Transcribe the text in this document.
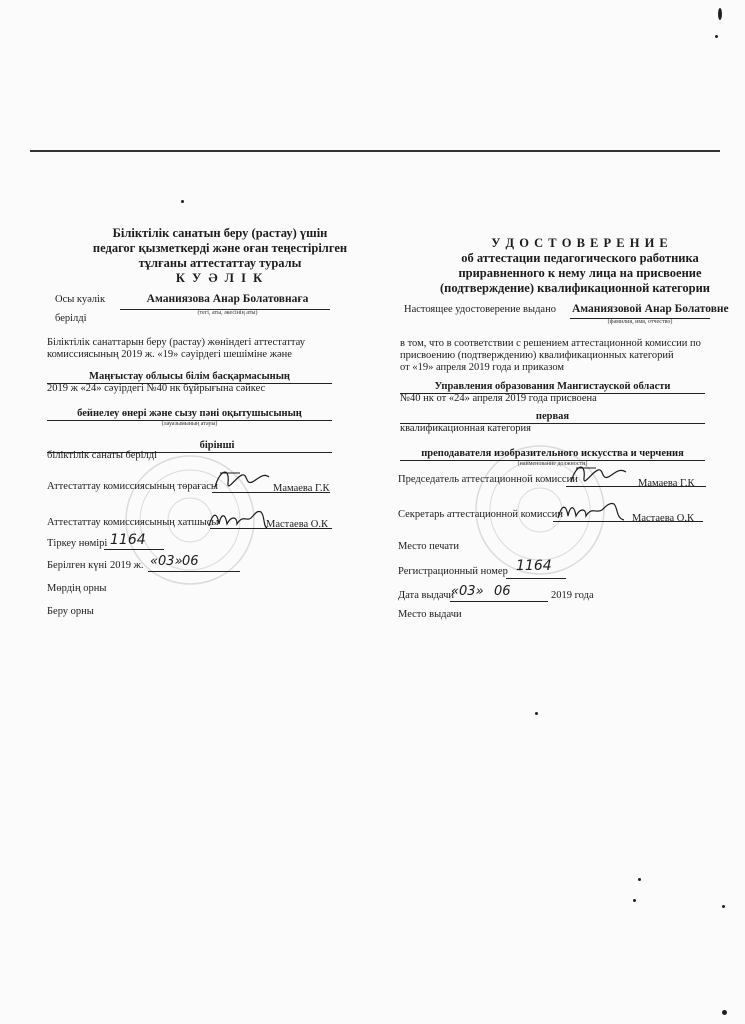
Біліктілік санатын беру (растау) үшін
педагог қызметкерді және оған теңестірілген
тұлғаны аттестаттау туралы
К У Ә Л І К
Осы куәлік	Аманиязова Анар Болатовнаға
(тегі, аты, әкесінің аты)
берілді
Біліктілік санаттарын беру (растау) жөніндегі аттестаттау
комиссиясының 2019 ж. «19» сәуірдегі шешіміне және
Маңғыстау облысы білім басқармасының
2019 ж «24» сәуірдегі №40 нк бұйрығына сәйкес
бейнелеу өнері және сызу пәні оқытушысының
(лауазымының атауы)
бірінші
біліктілік санаты берілді
Аттестаттау комиссиясының төрағасы	Мамаева Г.К
Аттестаттау комиссиясының хатшысы	Мастаева О.К
Тіркеу нөмірі 1164
Берілген күні 2019 ж. «03» 06
Мөрдің орны
Беру орны
У Д О С Т О В Е Р Е Н И Е
об аттестации педагогического работника
приравненного к нему лица на присвоение
(подтверждение) квалификационной категории
Настоящее удостоверение выдано Аманиязовой Анар Болатовне
(фамилия, имя, отчество)
в том, что в соответствии с решением аттестационной комиссии по
присвоению (подтверждению) квалификационных категорий
от «19» апреля 2019 года и приказом
Управления образования Мангистауской области
№40 нк от «24» апреля 2019 года присвоена
первая
квалификационная категория
преподавателя изобразительного искусства и черчения
(наименование должности)
Председатель аттестационной комиссии	Мамаева Г.К
Секретарь аттестационной комиссии	Мастаева О.К
Место печати
Регистрационный номер 1164
Дата выдачи
«03» 06	2019 года
Место выдачи
